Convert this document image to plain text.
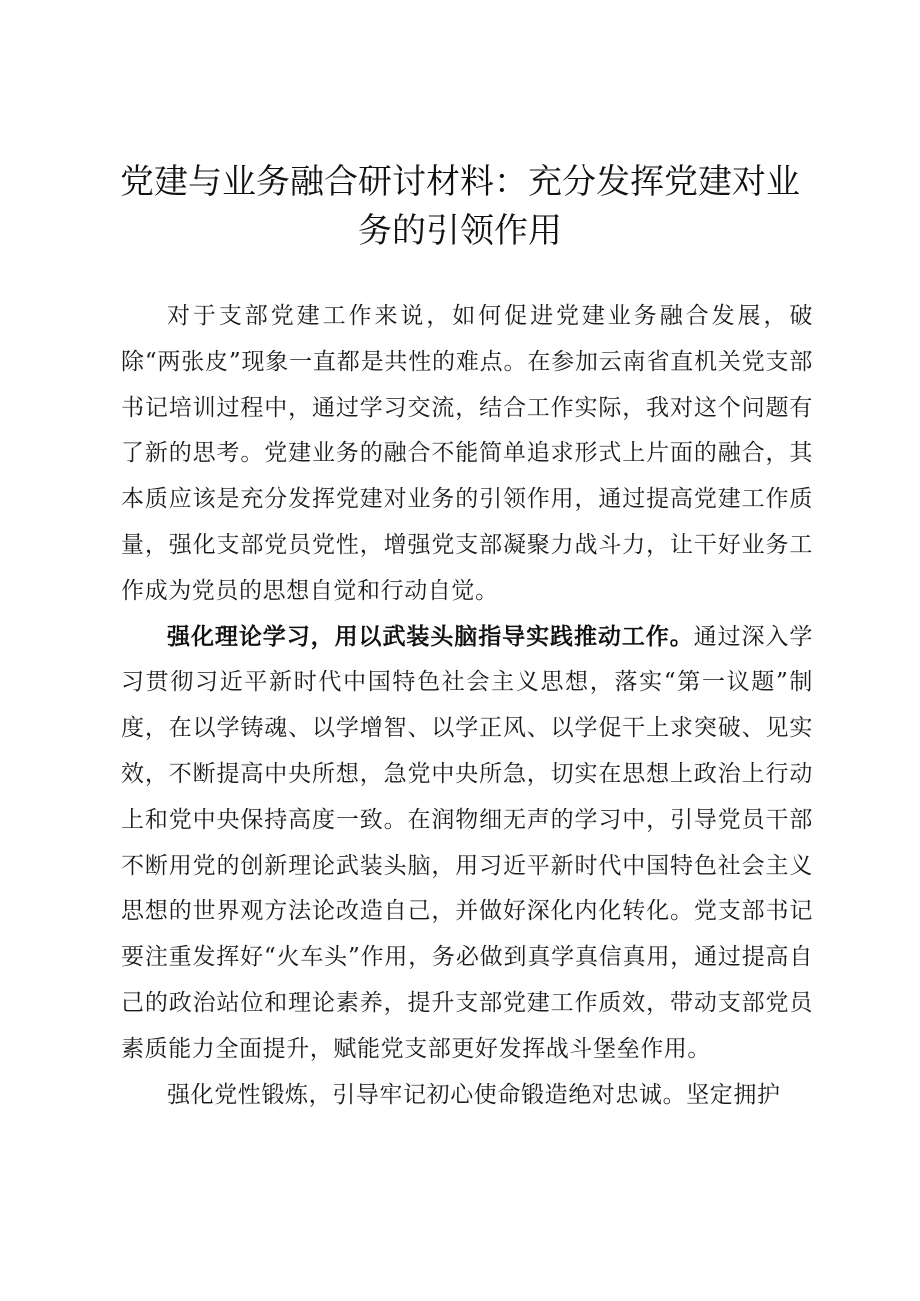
党建与业务融合研讨材料：充分发挥党建对业务的引领作用

对于支部党建工作来说，如何促进党建业务融合发展，破除“两张皮”现象一直都是共性的难点。在参加云南省直机关党支部书记培训过程中，通过学习交流，结合工作实际，我对这个问题有了新的思考。党建业务的融合不能简单追求形式上片面的融合，其本质应该是充分发挥党建对业务的引领作用，通过提高党建工作质量，强化支部党员党性，增强党支部凝聚力战斗力，让干好业务工作成为党员的思想自觉和行动自觉。

强化理论学习，用以武装头脑指导实践推动工作。通过深入学习贯彻习近平新时代中国特色社会主义思想，落实“第一议题”制度，在以学铸魂、以学增智、以学正风、以学促干上求突破、见实效，不断提高中央所想，急党中央所急，切实在思想上政治上行动上和党中央保持高度一致。在润物细无声的学习中，引导党员干部不断用党的创新理论武装头脑，用习近平新时代中国特色社会主义思想的世界观方法论改造自己，并做好深化内化转化。党支部书记要注重发挥好“火车头”作用，务必做到真学真信真用，通过提高自己的政治站位和理论素养，提升支部党建工作质效，带动支部党员素质能力全面提升，赋能党支部更好发挥战斗堡垒作用。

强化党性锻炼，引导牢记初心使命锻造绝对忠诚。坚定拥护
